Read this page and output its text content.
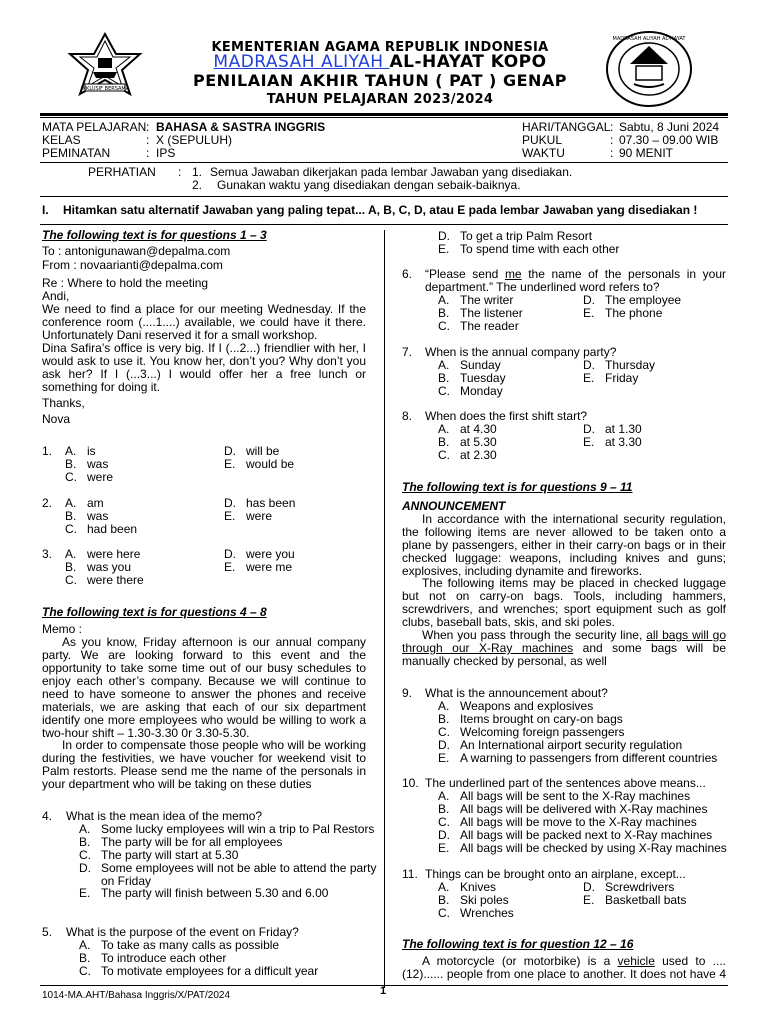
INKLUSIF BERSAMA
MADRASAH ALIYAH AL-HAYAT
KEMENTERIAN AGAMA REPUBLIK INDONESIA
MADRASAH ALIYAH AL-HAYAT KOPO
PENILAIAN AKHIR TAHUN ( PAT ) GENAP
TAHUN PELAJARAN 2023/2024
MATA PELAJARAN : BAHASA & SASTRA INGGRIS
KELAS	: X (SEPULUH)
PEMINATAN	: IPS
HARI/TANGGAL : Sabtu, 8 Juni 2024
PUKUL	: 07.30 – 09.00 WIB
WAKTU	: 90 MENIT
PERHATIAN : 1. Semua Jawaban dikerjakan pada lembar Jawaban yang disediakan.
2. Gunakan waktu yang disediakan dengan sebaik-baiknya.
I. Hitamkan satu alternatif Jawaban yang paling tepat... A, B, C, D, atau E pada lembar Jawaban yang disediakan !
The following text is for questions 1 – 3
To : antonigunawan@depalma.com
From : novaarianti@depalma.com
Re : Where to hold the meeting
Andi,
We need to find a place for our meeting Wednesday. If the conference room (....1....) available, we could have it there. Unfortunately Dani reserved it for a small workshop.
Dina Safira’s office is very big. If I (...2...) friendlier with her, I would ask to use it. You know her, don’t you? Why don’t you ask her? If I (...3...) I would offer her a free lunch or something for doing it.
Thanks,
Nova
1. A. is
B. was
C. were
D. will be
E. would be
2. A. am
B. was
C. had been
D. has been
E. were
3. A. were here
B. was you
C. were there
D. were you
E. were me
The following text is for questions 4 – 8
Memo :
As you know, Friday afternoon is our annual company party. We are looking forward to this event and the opportunity to take some time out of our busy schedules to enjoy each other’s company. Because we will continue to need to have someone to answer the phones and receive materials, we are asking that each of our six department identify one more employees who would be willing to work a two-hour shift – 1.30-3.30 0r 3.30-5.30.
In order to compensate those people who will be working during the festivities, we have voucher for weekend visit to Palm restorts. Please send me the name of the personals in your department who will be taking on these duties
4. What is the mean idea of the memo?
A. Some lucky employees will win a trip to Pal Restors
B. The party will be for all employees
C. The party will start at 5.30
D. Some employees will not be able to attend the party
on Friday
E. The party will finish between 5.30 and 6.00
5. What is the purpose of the event on Friday?
A. To take as many calls as possible
B. To introduce each other
C. To motivate employees for a difficult year
D. To get a trip Palm Resort
E. To spend time with each other
6. “Please send me the name of the personals in your
department.” The underlined word refers to?
A. The writer
B. The listener
C. The reader
D. The employee
E. The phone
7. When is the annual company party?
A. Sunday
B. Tuesday
C. Monday
D. Thursday
E. Friday
8. When does the first shift start?
A. at 4.30
B. at 5.30
C. at 2.30
D. at 1.30
E. at 3.30
The following text is for questions 9 – 11
ANNOUNCEMENT
In accordance with the international security regulation, the following items are never allowed to be taken onto a plane by passengers, either in their carry-on bags or in their checked luggage: weapons, including knives and guns; explosives, including dynamite and fireworks.
The following items may be placed in checked luggage but not on carry-on bags. Tools, including hammers, screwdrivers, and wrenches; sport equipment such as golf clubs, baseball bats, skis, and ski poles.
When you pass through the security line, all bags will go through our X-Ray machines and some bags will be manually checked by personal, as well
9. What is the announcement about?
A. Weapons and explosives
B. Items brought on cary-on bags
C. Welcoming foreign passengers
D. An International airport security regulation
E. A warning to passengers from different countries
10. The underlined part of the sentences above means...
A. All bags will be sent to the X-Ray machines
B. All bags will be delivered with X-Ray machines
C. All bags will be move to the X-Ray machines
D. All bags will be packed next to X-Ray machines
E. All bags will be checked by using X-Ray machines
11. Things can be brought onto an airplane, except...
A. Knives
B. Ski poles
C. Wrenches
D. Screwdrivers
E. Basketball bats
The following text is for question 12 – 16
A motorcycle (or motorbike) is a vehicle used to ....
(12)...... people from one place to another. It does not have 4
1014-MA.AHT/Bahasa Inggris/X/PAT/2024	1
